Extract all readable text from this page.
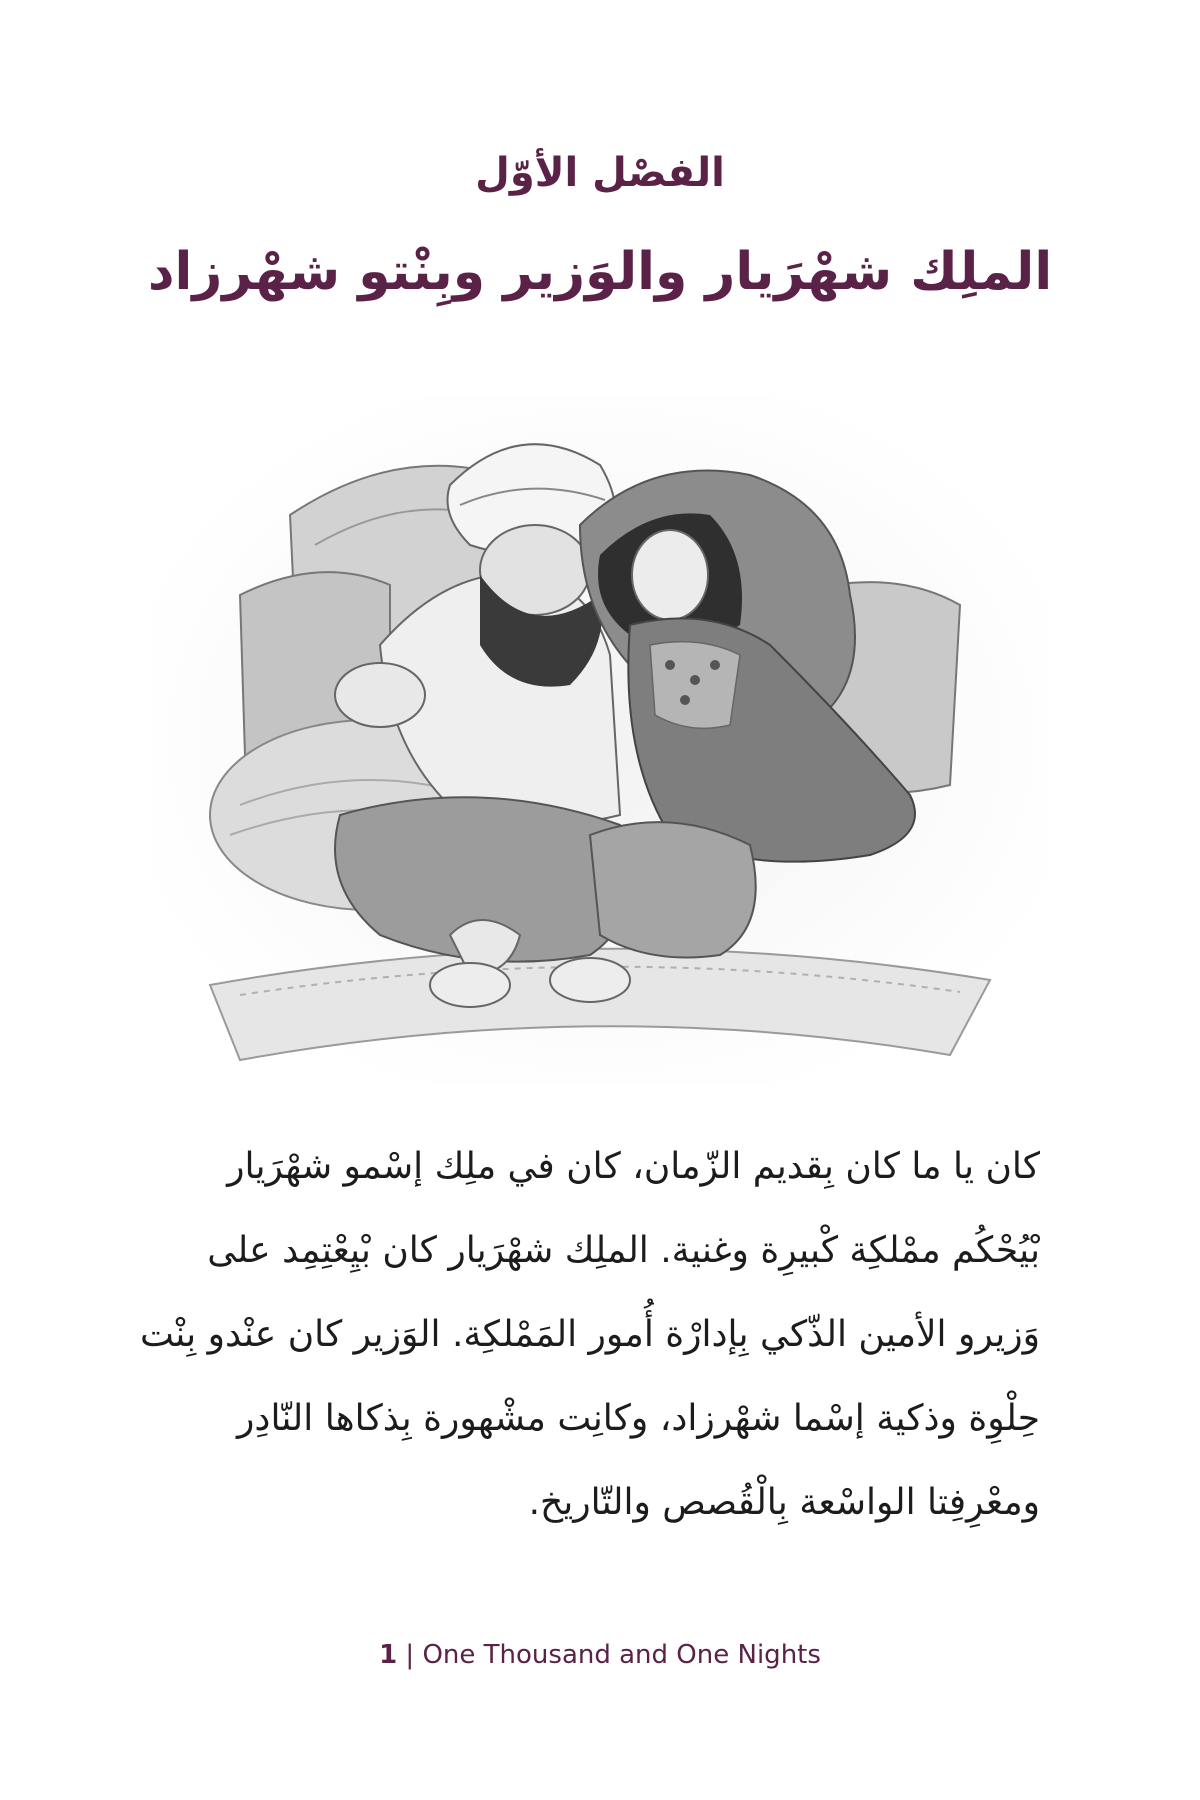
الفصْل الأوّل
الملِك شهْرَيار والوَزير وبِنْتو شهْرزاد
كان يا ما كان بِقديم الزّمان، كان في ملِك إسْمو شهْرَيار
بْيُحْكُم ممْلكِة كْبيرِة وغنية. الملِك شهْرَيار كان بْيِعْتِمِد على
وَزيرو الأمين الذّكي بِإدارْة أُمور المَمْلكِة. الوَزير كان عنْدو بِنْت
حِلْوِة وذكية إسْما شهْرزاد، وكانِت مشْهورة بِذكاها النّادِر
ومعْرِفِتا الواسْعة بِالْقُصص والتّاريخ.
1 | One Thousand and One Nights
